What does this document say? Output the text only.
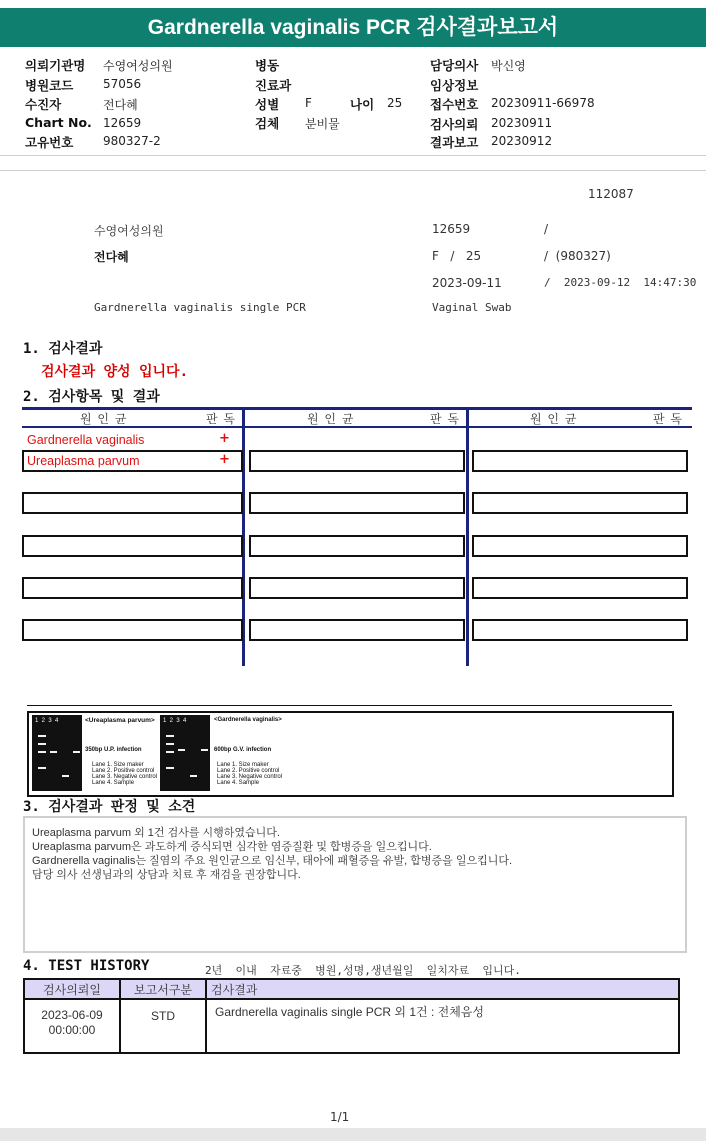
Gardnerella vaginalis PCR 검사결과보고서
의뢰기관명 수영여성의원
병원코드 57056
수진자	전다혜
Chart No. 12659
고유번호 980327-2
병동
진료과
성별 F	나이 25
검체 분비물
담당의사 박신영
임상정보
접수번호 20230911-66978
검사의뢰 20230911
결과보고 20230912
112087
수영여성의원	12659	/
전다혜	F   /   25	/  (980327)
2023-09-11	/  2023-09-12  14:47:30
Gardnerella vaginalis single PCR	Vaginal Swab
1. 검사결과
검사결과 양성 입니다.
2. 검사항목 및 결과
원 인 균	판 독	원 인 균	판 독	원 인 균	판 독
Gardnerella vaginalis	+
Ureaplasma parvum	+
1  2  3  4	<Ureaplasma parvum>
350bp U.P. infection
Lane 1. Size maker
Lane 2. Positive control
Lane 3. Negative control
Lane 4. Sample
1  2  3  4	<Gardnerella vaginalis>
600bp G.V. infection
Lane 1. Size maker
Lane 2. Positive control
Lane 3. Negative control
Lane 4. Sample
3. 검사결과 판정 및 소견
Ureaplasma parvum 외 1건 검사를 시행하였습니다.
Ureaplasma parvum은 과도하게 증식되면 심각한 염증질환 및 합병증을 일으킵니다.
Gardnerella vaginalis는 질염의 주요 원인균으로 임신부, 태아에 패혈증을 유발, 합병증을 일으킵니다.
담당 의사 선생님과의 상담과 치료 후 재검을 권장합니다.
4. TEST HISTORY	2년  이내  자료중  병원,성명,생년월일  일치자료  입니다.
검사의뢰일	보고서구분	검사결과

2023-06-09
00:00:00	STD	Gardnerella vaginalis single PCR 외 1건 : 전체음성
1/1
